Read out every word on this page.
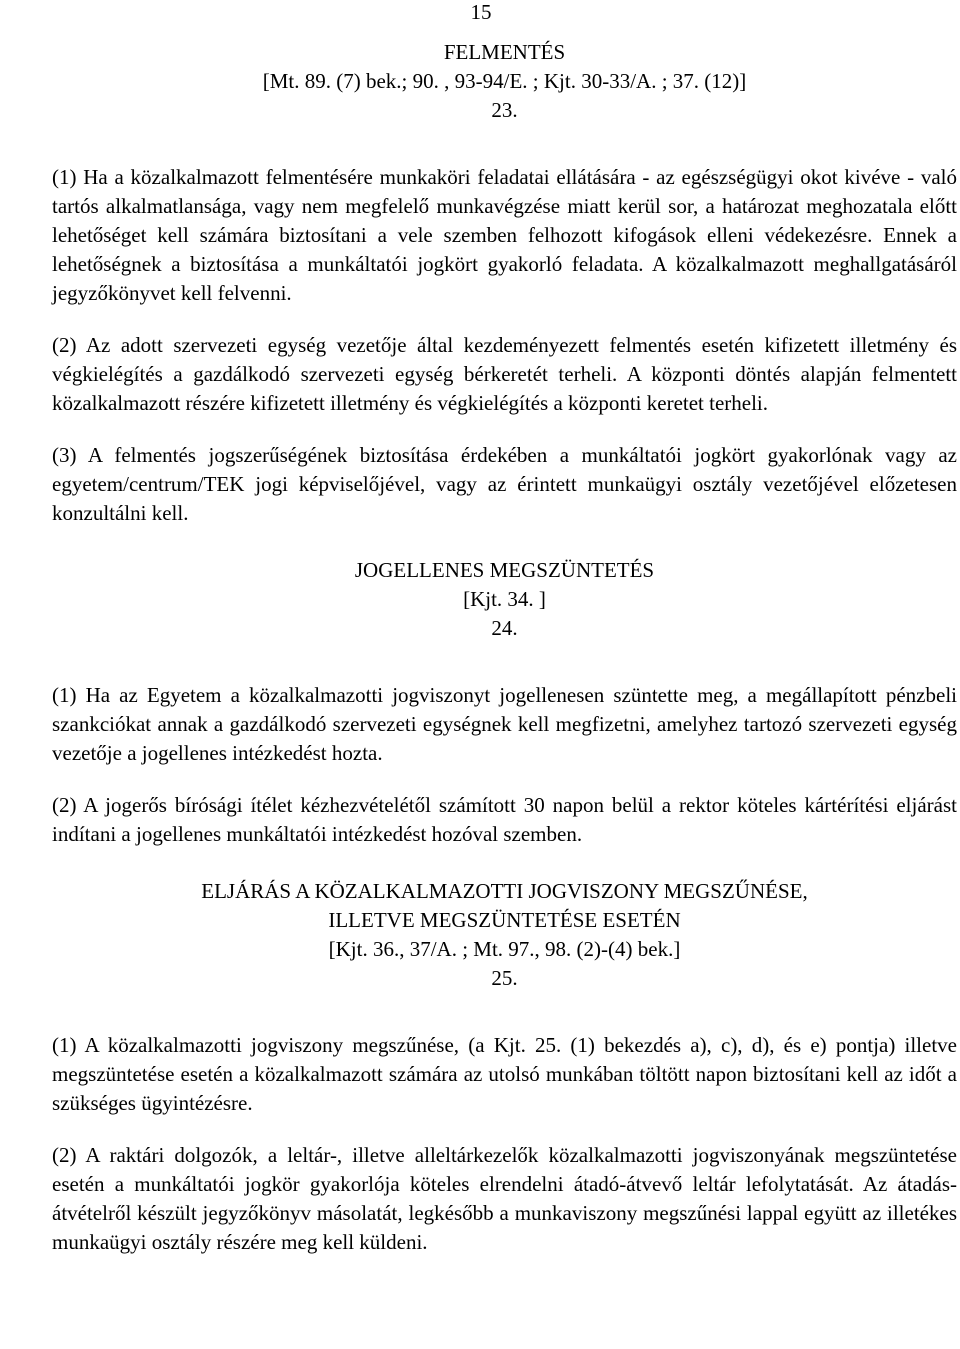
15
FELMENTÉS
[Mt. 89. (7) bek.; 90. , 93-94/E. ; Kjt. 30-33/A. ; 37. (12)]
23.

(1) Ha a közalkalmazott felmentésére munkaköri feladatai ellátására - az egészségügyi okot kivéve - való tartós alkalmatlansága, vagy nem megfelelő munkavégzése miatt kerül sor, a határozat meghozatala előtt lehetőséget kell számára biztosítani a vele szemben felhozott kifogások elleni védekezésre. Ennek a lehetőségnek a biztosítása a munkáltatói jogkört gyakorló feladata. A közalkalmazott meghallgatásáról jegyzőkönyvet kell felvenni.

(2) Az adott szervezeti egység vezetője által kezdeményezett felmentés esetén kifizetett illetmény és végkielégítés a gazdálkodó szervezeti egység bérkeretét terheli. A központi döntés alapján felmentett közalkalmazott részére kifizetett illetmény és végkielégítés a központi keretet terheli.

(3) A felmentés jogszerűségének biztosítása érdekében a munkáltatói jogkört gyakorlónak vagy az egyetem/centrum/TEK jogi képviselőjével, vagy az érintett munkaügyi osztály vezetőjével előzetesen konzultálni kell.

JOGELLENES MEGSZÜNTETÉS
[Kjt. 34. ]
24.

(1) Ha az Egyetem a közalkalmazotti jogviszonyt jogellenesen szüntette meg, a megállapított pénzbeli szankciókat annak a gazdálkodó szervezeti egységnek kell megfizetni, amelyhez tartozó szervezeti egység vezetője a jogellenes intézkedést hozta.

(2) A jogerős bírósági ítélet kézhezvételétől számított 30 napon belül a rektor köteles kártérítési eljárást indítani a jogellenes munkáltatói intézkedést hozóval szemben.

ELJÁRÁS A KÖZALKALMAZOTTI JOGVISZONY MEGSZŰNÉSE,
ILLETVE MEGSZÜNTETÉSE ESETÉN
[Kjt. 36., 37/A. ; Mt. 97., 98. (2)-(4) bek.]
25.

(1) A közalkalmazotti jogviszony megszűnése, (a Kjt. 25. (1) bekezdés a), c), d), és e) pontja) illetve megszüntetése esetén a közalkalmazott számára az utolsó munkában töltött napon biztosítani kell az időt a szükséges ügyintézésre.

(2) A raktári dolgozók, a leltár-, illetve alleltárkezelők közalkalmazotti jogviszonyának megszüntetése esetén a munkáltatói jogkör gyakorlója köteles elrendelni átadó-átvevő leltár lefolytatását. Az átadás-átvételről készült jegyzőkönyv másolatát, legkésőbb a munkaviszony megszűnési lappal együtt az illetékes munkaügyi osztály részére meg kell küldeni.
